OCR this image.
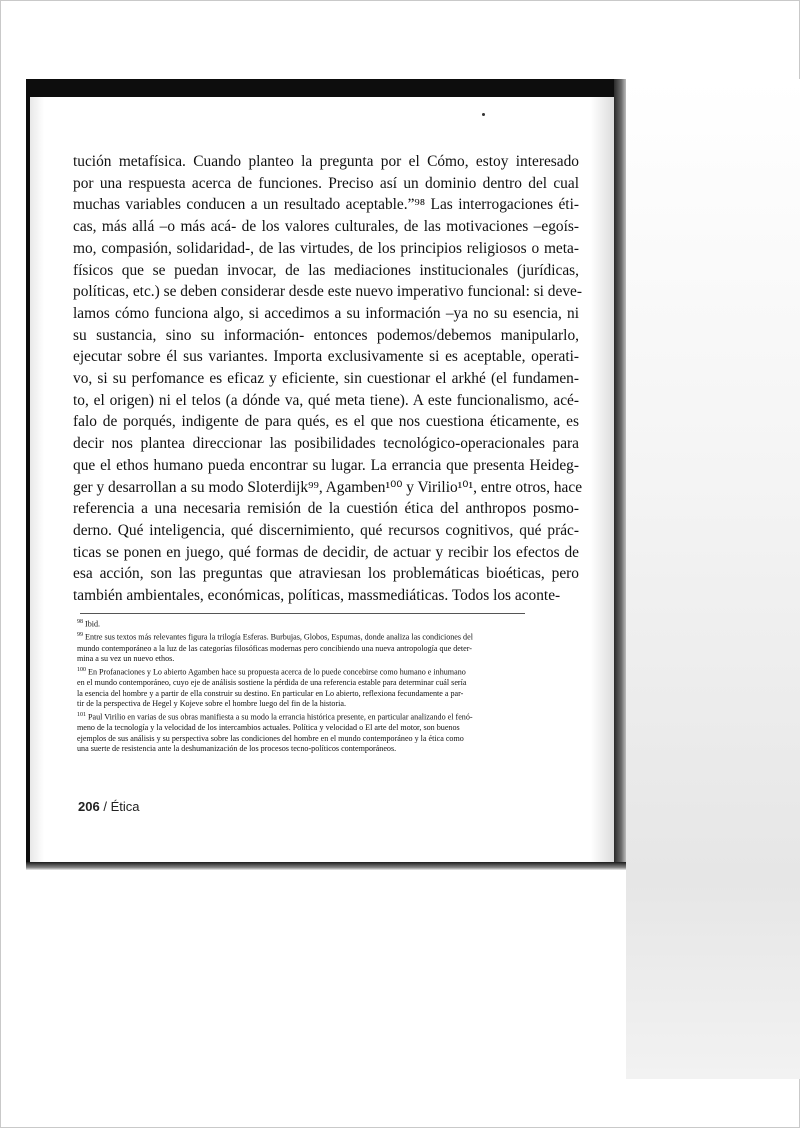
tución metafísica. Cuando planteo la pregunta por el Cómo, estoy interesado
por una respuesta acerca de funciones. Preciso así un dominio dentro del cual
muchas variables conducen a un resultado aceptable.”⁹⁸ Las interrogaciones éti-
cas, más allá –o más acá- de los valores culturales, de las motivaciones –egoís-
mo, compasión, solidaridad-, de las virtudes, de los principios religiosos o meta-
físicos que se puedan invocar, de las mediaciones institucionales (jurídicas,
políticas, etc.) se deben considerar desde este nuevo imperativo funcional: si deve-
lamos cómo funciona algo, si accedimos a su información –ya no su esencia, ni
su sustancia, sino su información- entonces podemos/debemos manipularlo,
ejecutar sobre él sus variantes. Importa exclusivamente si es aceptable, operati-
vo, si su perfomance es eficaz y eficiente, sin cuestionar el arkhé (el fundamen-
to, el origen) ni el telos (a dónde va, qué meta tiene). A este funcionalismo, acé-
falo de porqués, indigente de para qués, es el que nos cuestiona éticamente, es
decir nos plantea direccionar las posibilidades tecnológico-operacionales para
que el ethos humano pueda encontrar su lugar. La errancia que presenta Heideg-
ger y desarrollan a su modo Sloterdijk⁹⁹, Agamben¹⁰⁰ y Virilio¹⁰¹, entre otros, hace
referencia a una necesaria remisión de la cuestión ética del anthropos posmo-
derno. Qué inteligencia, qué discernimiento, qué recursos cognitivos, qué prác-
ticas se ponen en juego, qué formas de decidir, de actuar y recibir los efectos de
esa acción, son las preguntas que atraviesan los problemáticas bioéticas, pero
también ambientales, económicas, políticas, massmediáticas. Todos los aconte-
$^{98}$ Ibid.
$^{99}$ Entre sus textos más relevantes figura la trilogía Esferas. Burbujas, Globos, Espumas, donde analiza las condiciones del
mundo contemporáneo a la luz de las categorías filosóficas modernas pero concibiendo una nueva antropología que deter-
mina a su vez un nuevo ethos.
$^{100}$ En Profanaciones y Lo abierto Agamben hace su propuesta acerca de lo puede concebirse como humano e inhumano
en el mundo contemporáneo, cuyo eje de análisis sostiene la pérdida de una referencia estable para determinar cuál sería
la esencia del hombre y a partir de ella construir su destino. En particular en Lo abierto, reflexiona fecundamente a par-
tir de la perspectiva de Hegel y Kojeve sobre el hombre luego del fin de la historia.
$^{101}$ Paul Virilio en varias de sus obras manifiesta a su modo la errancia histórica presente, en particular analizando el fenó-
meno de la tecnología y la velocidad de los intercambios actuales. Política y velocidad o El arte del motor, son buenos
ejemplos de sus análisis y su perspectiva sobre las condiciones del hombre en el mundo contemporáneo y la ética como
una suerte de resistencia ante la deshumanización de los procesos tecno-políticos contemporáneos.
206 / Ética
